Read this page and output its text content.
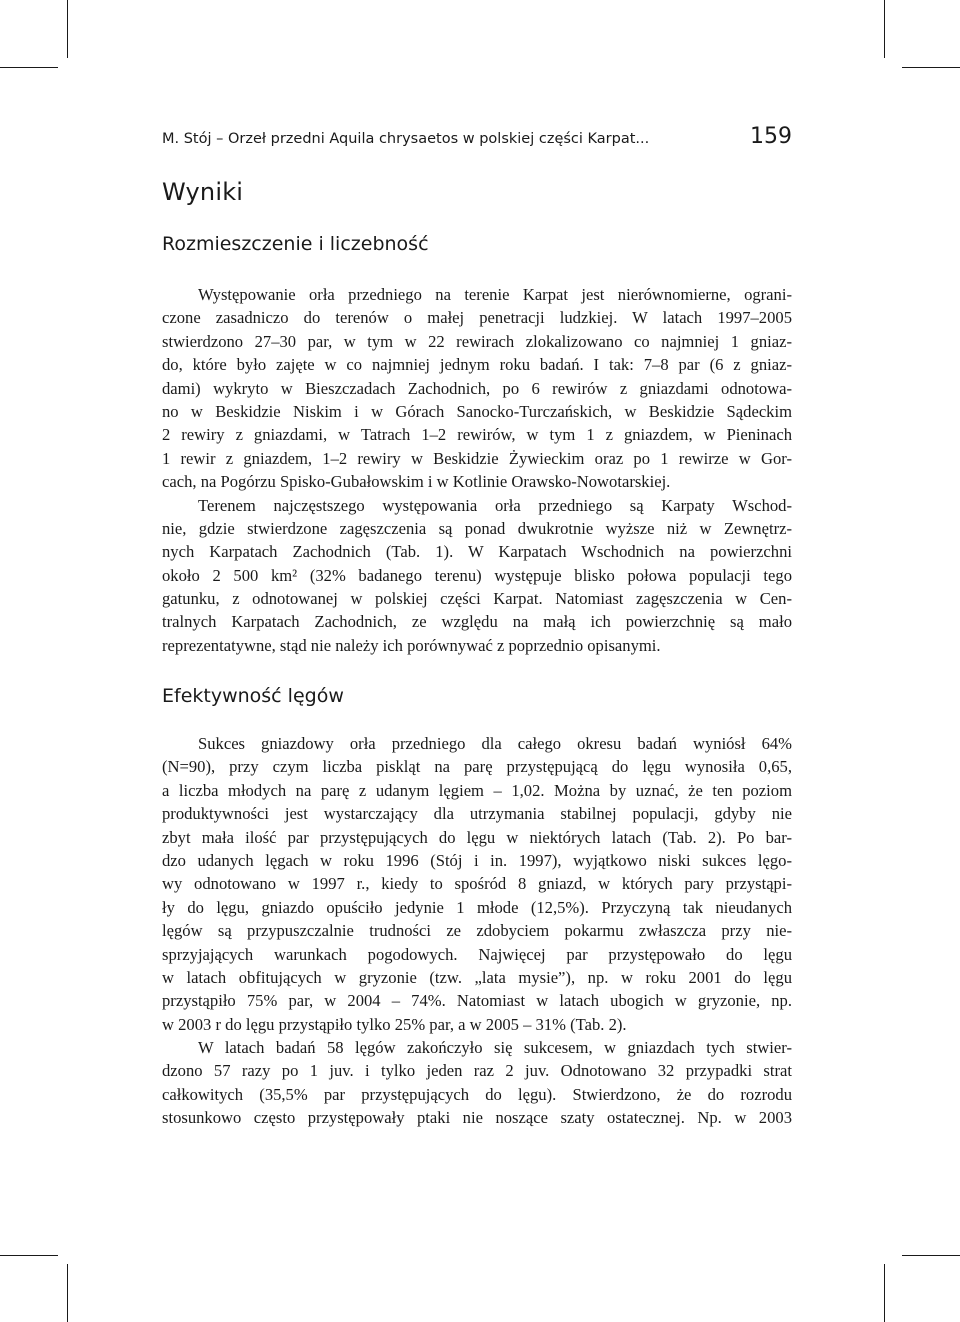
M. Stój – Orzeł przedni Aquila chrysaetos w polskiej części Karpat...	159
Wyniki
Rozmieszczenie i liczebność
Występowanie orła przedniego na terenie Karpat jest nierównomierne, ograni-
czone zasadniczo do terenów o małej penetracji ludzkiej. W latach 1997–2005
stwierdzono 27–30 par, w tym w 22 rewirach zlokalizowano co najmniej 1 gniaz-
do, które było zajęte w co najmniej jednym roku badań. I tak: 7–8 par (6 z gniaz-
dami) wykryto w Bieszczadach Zachodnich, po 6 rewirów z gniazdami odnotowa-
no w Beskidzie Niskim i w Górach Sanocko-Turczańskich, w Beskidzie Sądeckim
2 rewiry z gniazdami, w Tatrach 1–2 rewirów, w tym 1 z gniazdem, w Pieninach
1 rewir z gniazdem, 1–2 rewiry w Beskidzie Żywieckim oraz po 1 rewirze w Gor-
cach, na Pogórzu Spisko-Gubałowskim i w Kotlinie Orawsko-Nowotarskiej.
Terenem najczęstszego występowania orła przedniego są Karpaty Wschod-
nie, gdzie stwierdzone zagęszczenia są ponad dwukrotnie wyższe niż w Zewnętrz-
nych Karpatach Zachodnich (Tab. 1). W Karpatach Wschodnich na powierzchni
około 2 500 km² (32% badanego terenu) występuje blisko połowa populacji tego
gatunku, z odnotowanej w polskiej części Karpat. Natomiast zagęszczenia w Cen-
tralnych Karpatach Zachodnich, ze względu na małą ich powierzchnię są mało
reprezentatywne, stąd nie należy ich porównywać z poprzednio opisanymi.
Efektywność lęgów
Sukces gniazdowy orła przedniego dla całego okresu badań wyniósł 64%
(N=90), przy czym liczba piskląt na parę przystępującą do lęgu wynosiła 0,65,
a liczba młodych na parę z udanym lęgiem – 1,02. Można by uznać, że ten poziom
produktywności jest wystarczający dla utrzymania stabilnej populacji, gdyby nie
zbyt mała ilość par przystępujących do lęgu w niektórych latach (Tab. 2). Po bar-
dzo udanych lęgach w roku 1996 (Stój i in. 1997), wyjątkowo niski sukces lęgo-
wy odnotowano w 1997 r., kiedy to spośród 8 gniazd, w których pary przystąpi-
ły do lęgu, gniazdo opuściło jedynie 1 młode (12,5%). Przyczyną tak nieudanych
lęgów są przypuszczalnie trudności ze zdobyciem pokarmu zwłaszcza przy nie-
sprzyjających warunkach pogodowych. Najwięcej par przystępowało do lęgu
w latach obfitujących w gryzonie (tzw. „lata mysie”), np. w roku 2001 do lęgu
przystąpiło 75% par, w 2004 – 74%. Natomiast w latach ubogich w gryzonie, np.
w 2003 r do lęgu przystąpiło tylko 25% par, a w 2005 – 31% (Tab. 2).
W latach badań 58 lęgów zakończyło się sukcesem, w gniazdach tych stwier-
dzono 57 razy po 1 juv. i tylko jeden raz 2 juv. Odnotowano 32 przypadki strat
całkowitych (35,5% par przystępujących do lęgu). Stwierdzono, że do rozrodu
stosunkowo często przystępowały ptaki nie noszące szaty ostatecznej. Np. w 2003
